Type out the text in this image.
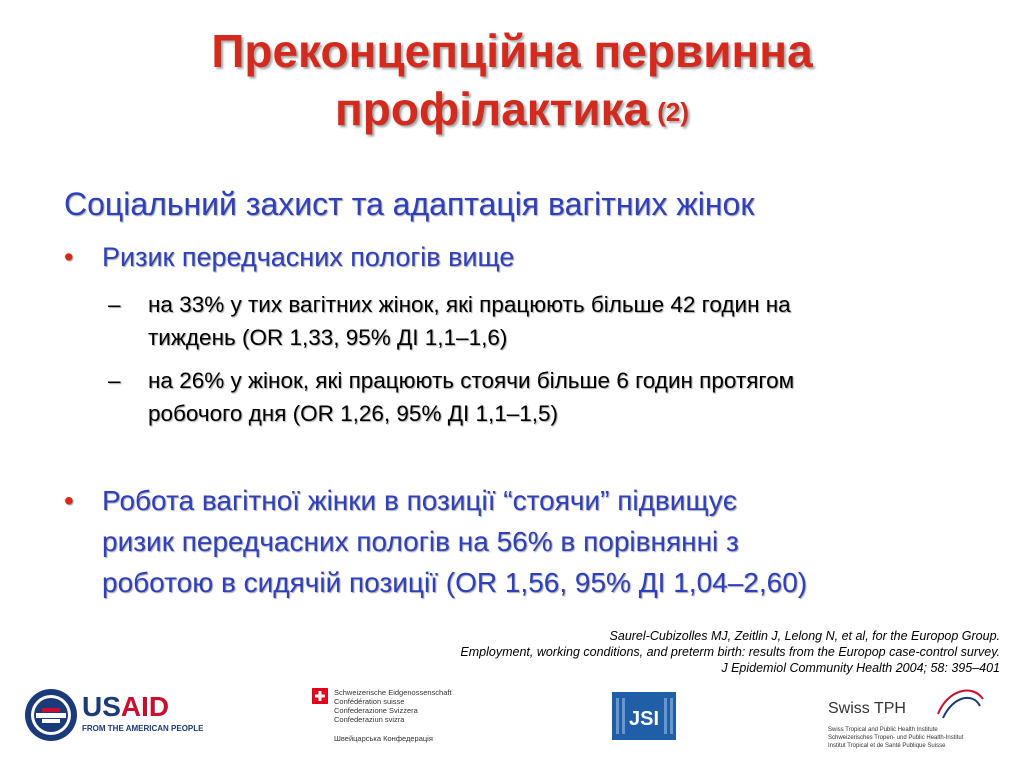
Преконцепційна первинна
профілактика (2)
Соціальний захист та адаптація вагітних жінок
• Ризик передчасних пологів вище
– на 33% у тих вагітних жінок, які працюють більше 42 годин на
тиждень (OR 1,33, 95% ДІ 1,1–1,6)
– на 26% у жінок, які працюють стоячи більше 6 годин протягом
робочого дня (OR 1,26, 95% ДІ 1,1–1,5)
• Робота вагітної жінки в позиції “стоячи” підвищує
ризик передчасних пологів на 56% в порівнянні з
роботою в сидячій позиції (OR 1,56, 95% ДІ 1,04–2,60)
Saurel-Cubizolles MJ, Zeitlin J, Lelong N, et al, for the Europop Group.
Employment, working conditions, and preterm birth: results from the Europop case-control survey.
J Epidemiol Community Health 2004; 58: 395–401
USAID
FROM THE AMERICAN PEOPLE
Schweizerische Eidgenossenschaft
Confédération suisse
Confederazione Svizzera
Confederaziun svizra
Швейцарська Конфедерація
JSI	Swiss TPH
Swiss Tropical and Public Health Institute
Schweizerisches Tropen- und Public Health-Institut
Institut Tropical et de Santé Publique Suisse
